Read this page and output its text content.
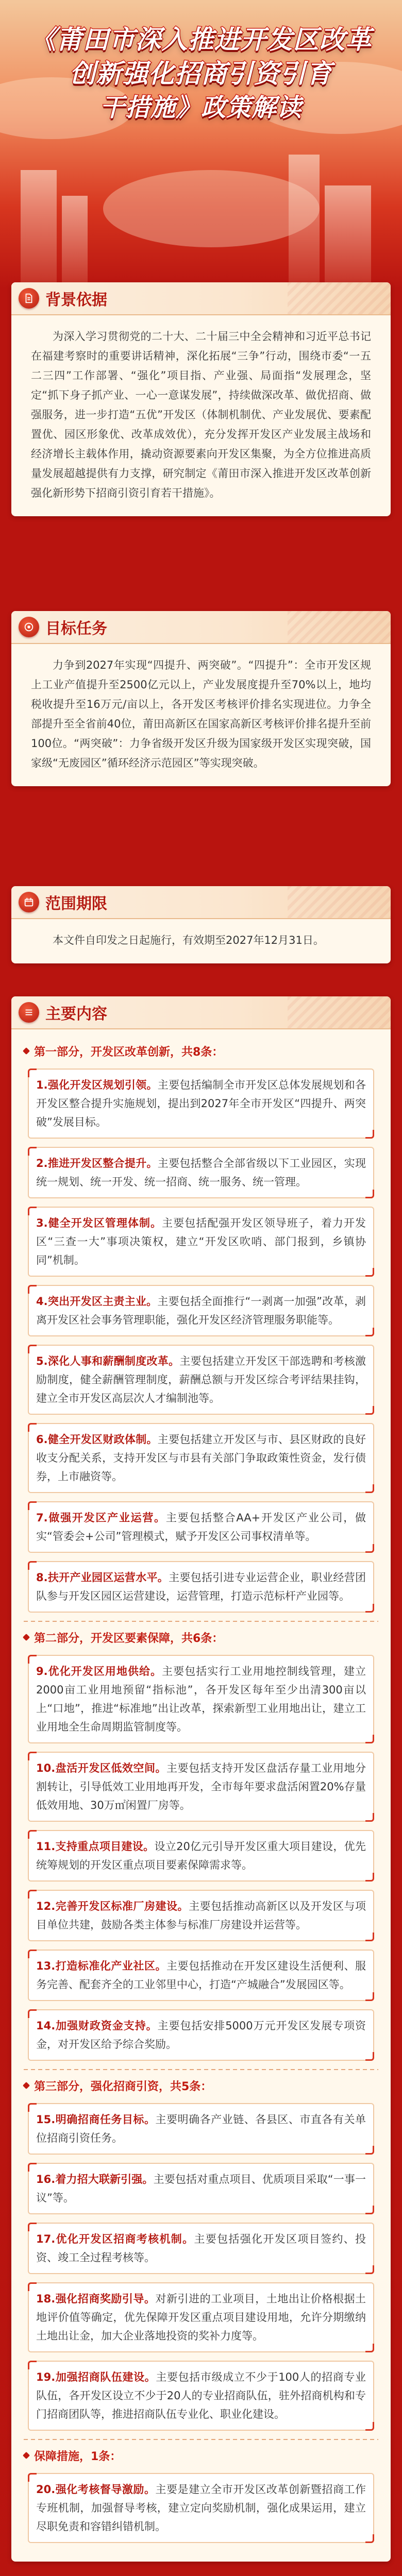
《莆田市深入推进开发区改革
创新强化招商引资引育
干措施》政策解读
背景依据

为深入学习贯彻党的二十大、二十届三中全会精神和习近平总书记在福建考察时的重要讲话精神，深化拓展“三争”行动，围绕市委“一五二三四”工作部署、“强化”项目指、产业强、局面指“发展理念，坚定“抓下身子抓产业、一心一意谋发展”，持续做深改革、做优招商、做强服务，进一步打造“五优”开发区（体制机制优、产业发展优、要素配置优、园区形象优、改革成效优），充分发挥开发区产业发展主战场和经济增长主载体作用，撬动资源要素向开发区集聚，为全方位推进高质量发展超越提供有力支撑，研究制定《莆田市深入推进开发区改革创新 强化新形势下招商引资引育若干措施》。

目标任务

力争到2027年实现“四提升、两突破”。“四提升”：全市开发区规上工业产值提升至2500亿元以上，产业发展度提升至70%以上，地均税收提升至16万元/亩以上，各开发区考核评价排名实现进位。力争全部提升至全省前40位，莆田高新区在国家高新区考核评价排名提升至前100位。“两突破”：力争省级开发区升级为国家级开发区实现突破，国家级“无废园区”循环经济示范园区”等实现突破。

范围期限

本文件自印发之日起施行，有效期至2027年12月31日。

主要内容
第一部分，开发区改革创新，共8条：
1.强化开发区规划引领。主要包括编制全市开发区总体发展规划和各开发区整合提升实施规划，提出到2027年全市开发区“四提升、两突破”发展目标。
2.推进开发区整合提升。主要包括整合全部省级以下工业园区，实现统一规划、统一开发、统一招商、统一服务、统一管理。
3.健全开发区管理体制。主要包括配强开发区领导班子，着力开发区“三查一大”事项决策权，建立“开发区吹哨、部门报到，乡镇协同”机制。
4.突出开发区主责主业。主要包括全面推行“一剥离一加强”改革，剥离开发区社会事务管理职能，强化开发区经济管理服务职能等。
5.深化人事和薪酬制度改革。主要包括建立开发区干部选聘和考核激励制度，健全薪酬管理制度，薪酬总额与开发区综合考评结果挂钩，建立全市开发区高层次人才编制池等。
6.健全开发区财政体制。主要包括建立开发区与市、县区财政的良好收支分配关系，支持开发区与市县有关部门争取政策性资金，发行债券，上市融资等。
7.做强开发区产业运营。主要包括整合AA+开发区产业公司，做实“管委会+公司”管理模式，赋予开发区公司事权清单等。
8.扶开产业园区运营水平。主要包括引进专业运营企业，职业经营团队参与开发区园区运营建设，运营管理，打造示范标杆产业园等。
第二部分，开发区要素保障，共6条：
9.优化开发区用地供给。主要包括实行工业用地控制线管理，建立2000亩工业用地预留“指标池”，各开发区每年至少出清300亩以上“口地”，推进“标准地”出让改革，探索新型工业用地出让，建立工业用地全生命周期监管制度等。
10.盘活开发区低效空间。主要包括支持开发区盘活存量工业用地分割转让，引导低效工业用地再开发，全市每年要求盘活闲置20%存量低效用地、30万㎡闲置厂房等。
11.支持重点项目建设。设立20亿元引导开发区重大项目建设，优先统筹规划的开发区重点项目要素保障需求等。
12.完善开发区标准厂房建设。主要包括推动高新区以及开发区与项目单位共建，鼓励各类主体参与标准厂房建设并运营等。
13.打造标准化产业社区。主要包括推动在开发区建设生活便利、服务完善、配套齐全的工业邻里中心，打造“产城融合”发展园区等。
14.加强财政资金支持。主要包括安排5000万元开发区发展专项资金，对开发区给予综合奖励。
第三部分，强化招商引资，共5条：
15.明确招商任务目标。主要明确各产业链、各县区、市直各有关单位招商引资任务。
16.着力招大联新引强。主要包括对重点项目、优质项目采取“一事一议”等。
17.优化开发区招商考核机制。主要包括强化开发区项目签约、投资、竣工全过程考核等。
18.强化招商奖励引导。对新引进的工业项目，土地出让价格根据土地评价值等确定，优先保障开发区重点项目建设用地，允许分期缴纳土地出让金，加大企业落地投资的奖补力度等。
19.加强招商队伍建设。主要包括市级成立不少于100人的招商专业队伍，各开发区设立不少于20人的专业招商队伍，驻外招商机构和专门招商团队等，推进招商队伍专业化、职业化建设。
保障措施，1条：
20.强化考核督导激励。主要是建立全市开发区改革创新暨招商工作专班机制，加强督导考核，建立定向奖励机制，强化成果运用，建立尽职免责和容错纠错机制。
